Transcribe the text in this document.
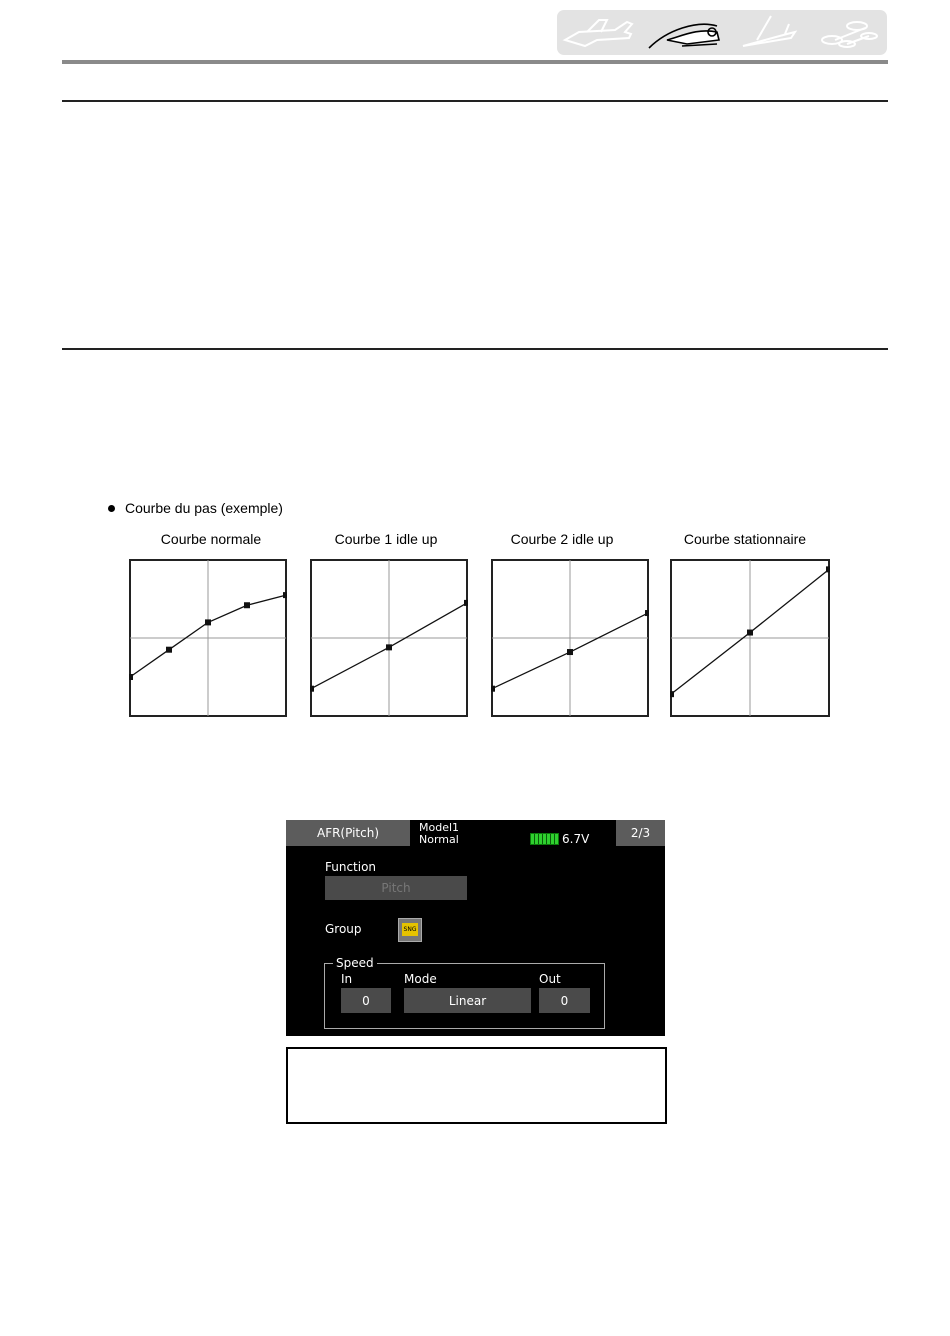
Courbe du pas (exemple)
Courbe normale	Courbe 1 idle up	Courbe 2 idle up	Courbe stationnaire
AFR(Pitch)	Model1
Normal	6.7V	2/3
Function
Pitch
Group	SNG
Speed
In	Mode	Out
0	Linear	0
